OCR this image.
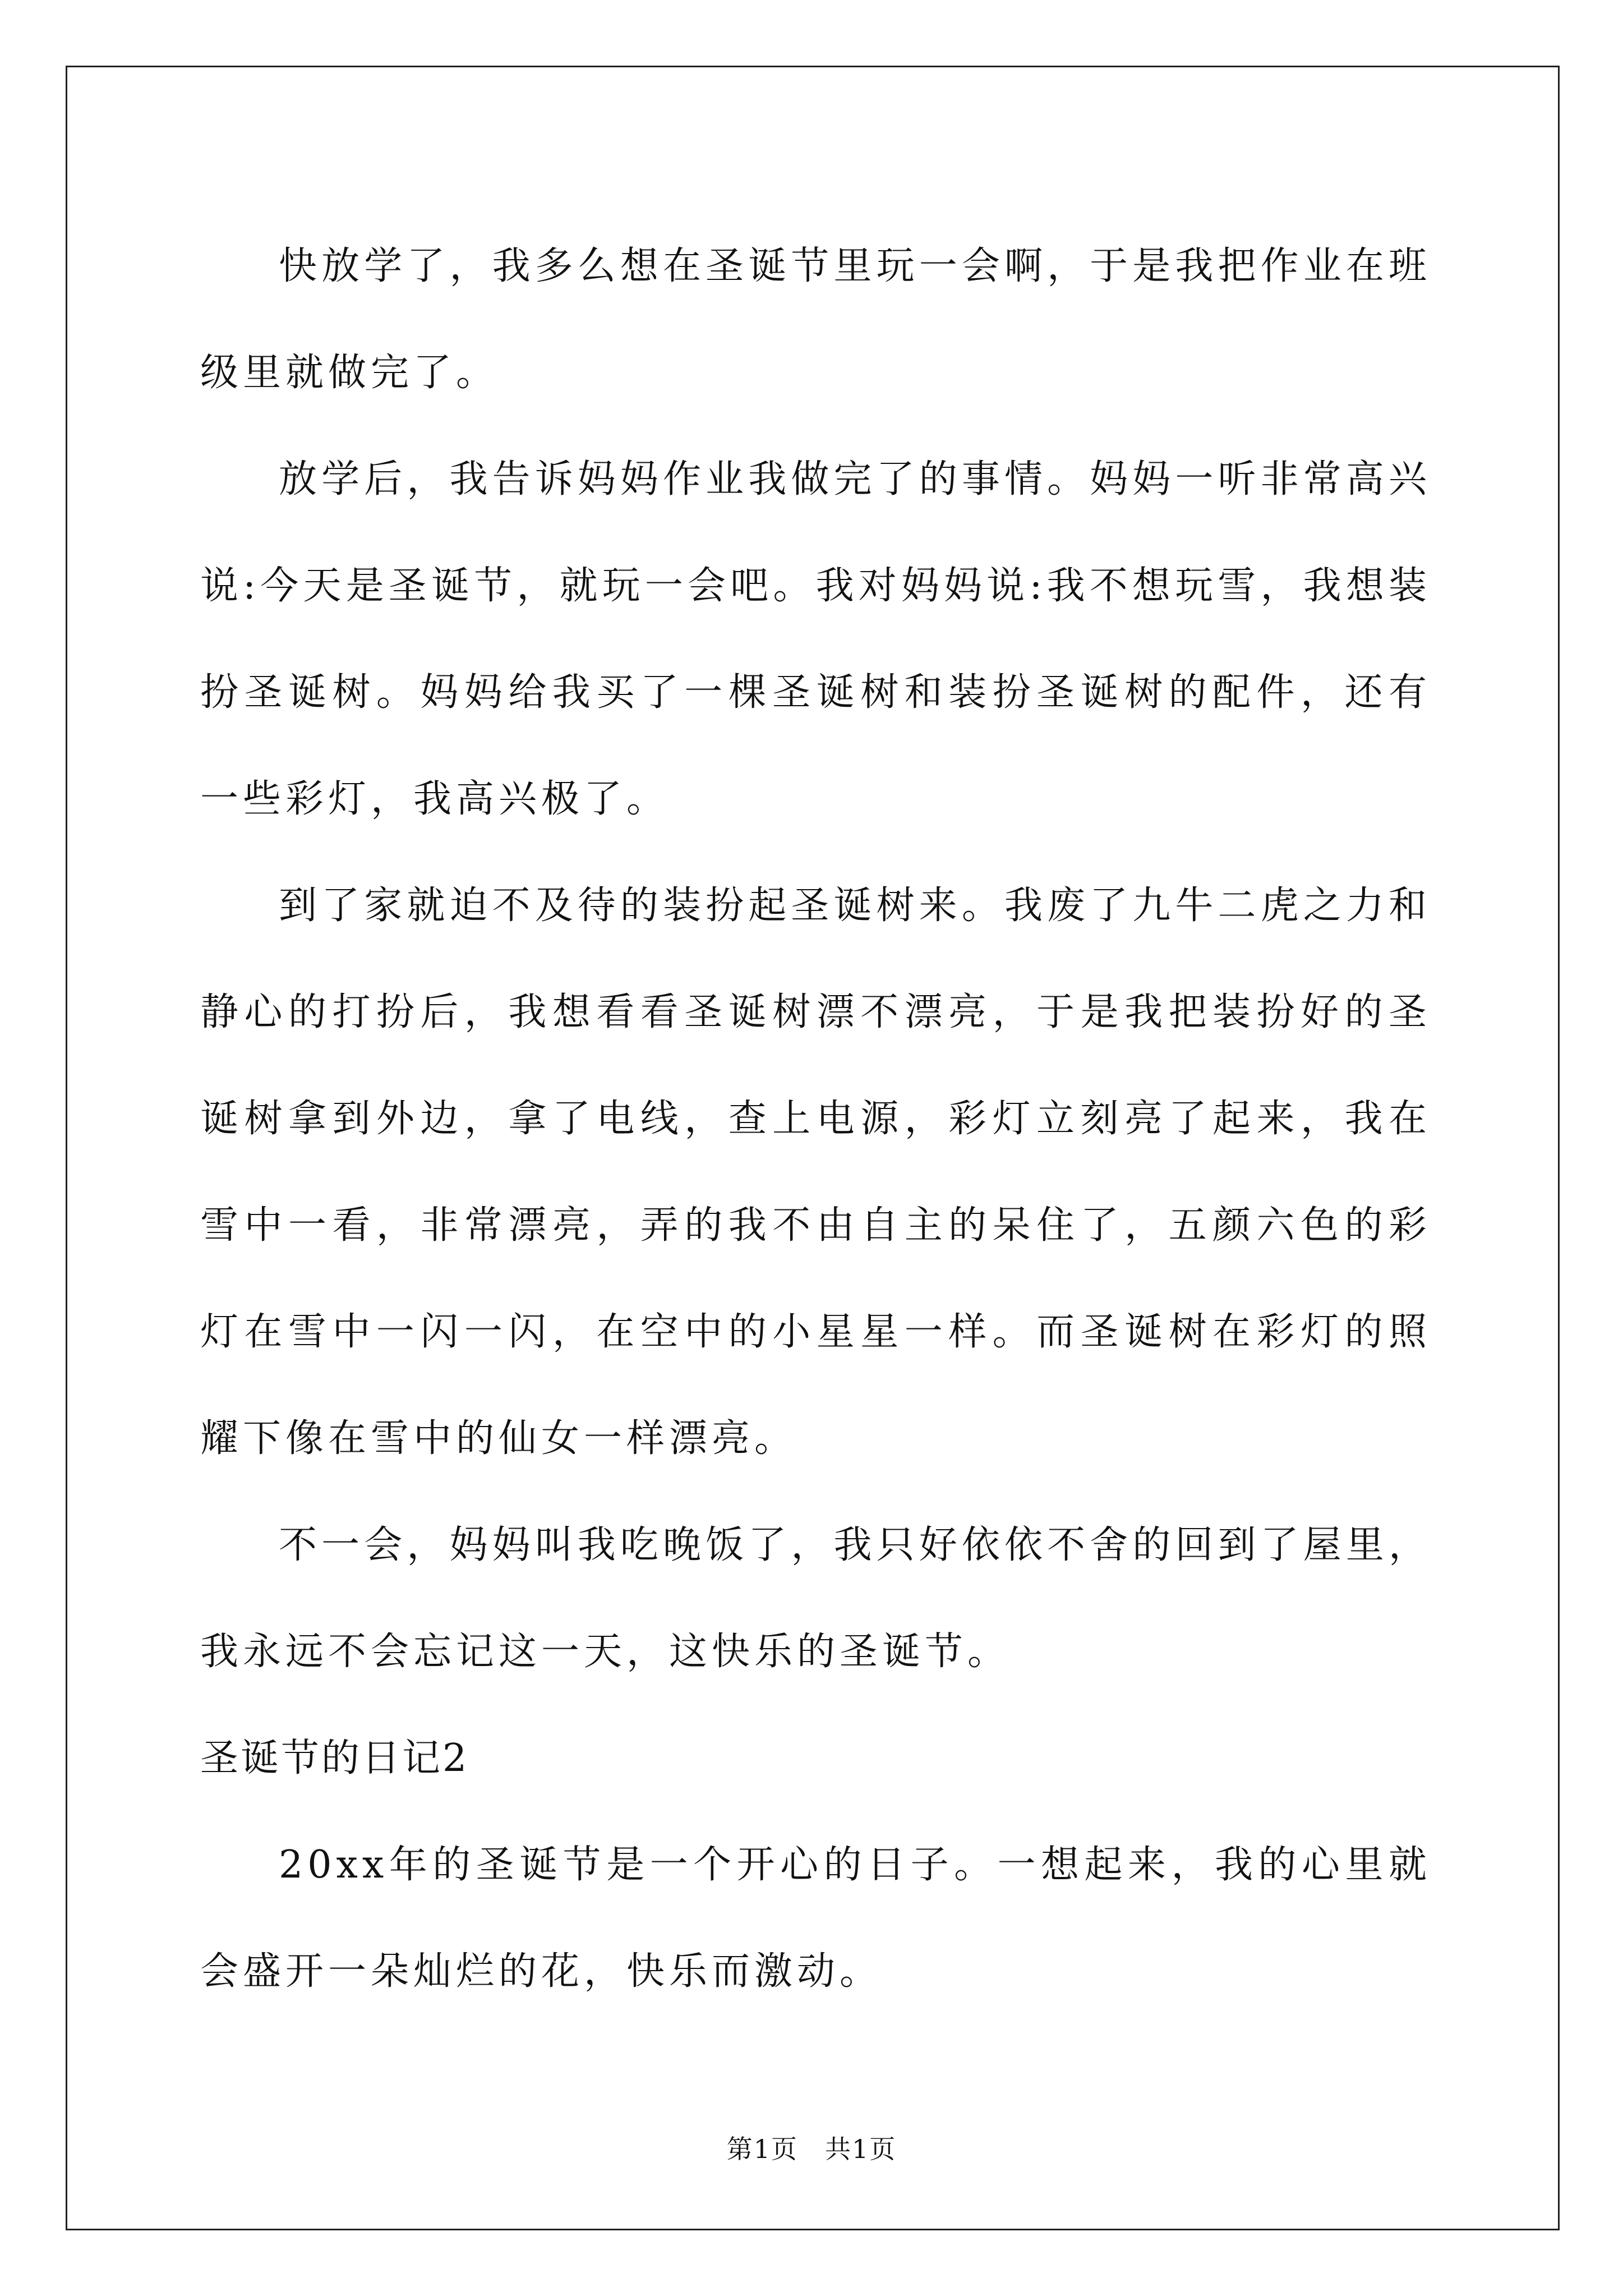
快放学了，我多么想在圣诞节里玩一会啊，于是我把作业在班级里就做完了。

放学后，我告诉妈妈作业我做完了的事情。妈妈一听非常高兴说:今天是圣诞节，就玩一会吧。我对妈妈说:我不想玩雪，我想装扮圣诞树。妈妈给我买了一棵圣诞树和装扮圣诞树的配件，还有一些彩灯，我高兴极了。

到了家就迫不及待的装扮起圣诞树来。我废了九牛二虎之力和静心的打扮后，我想看看圣诞树漂不漂亮，于是我把装扮好的圣诞树拿到外边，拿了电线，查上电源，彩灯立刻亮了起来，我在雪中一看，非常漂亮，弄的我不由自主的呆住了，五颜六色的彩灯在雪中一闪一闪，在空中的小星星一样。而圣诞树在彩灯的照耀下像在雪中的仙女一样漂亮。

不一会，妈妈叫我吃晚饭了，我只好依依不舍的回到了屋里，我永远不会忘记这一天，这快乐的圣诞节。

圣诞节的日记2

20xx年的圣诞节是一个开心的日子。一想起来，我的心里就会盛开一朵灿烂的花，快乐而激动。

第1页　共1页
